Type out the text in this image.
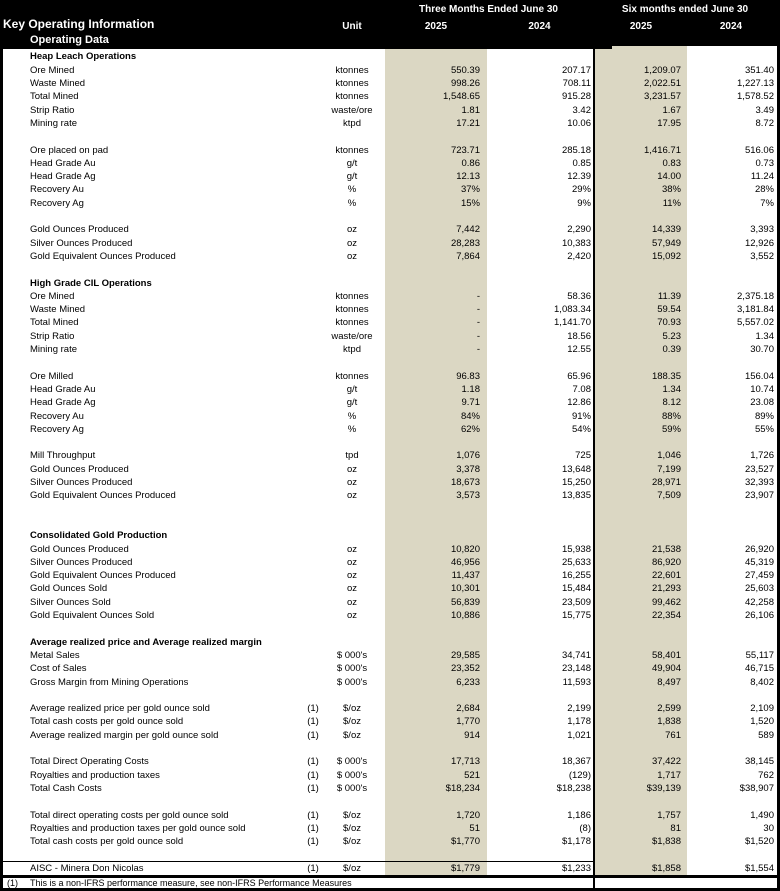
Key Operating Information
Operating Data
Unit
Three Months Ended June 30	Six months ended June 30
2025	2024	2025	2024
Heap Leach Operations
Ore Mined	ktonnes	550.39	207.17	1,209.07	351.40
Waste Mined	ktonnes	998.26	708.11	2,022.51	1,227.13
Total Mined	ktonnes	1,548.65	915.28	3,231.57	1,578.52
Strip Ratio	waste/ore	1.81	3.42	1.67	3.49
Mining rate	ktpd	17.21	10.06	17.95	8.72
Ore placed on pad	ktonnes	723.71	285.18	1,416.71	516.06
Head Grade Au	g/t	0.86	0.85	0.83	0.73
Head Grade Ag	g/t	12.13	12.39	14.00	11.24
Recovery Au	%	37%	29%	38%	28%
Recovery Ag	%	15%	9%	11%	7%
Gold Ounces Produced	oz	7,442	2,290	14,339	3,393
Silver Ounces Produced	oz	28,283	10,383	57,949	12,926
Gold Equivalent Ounces Produced	oz	7,864	2,420	15,092	3,552
High Grade CIL Operations
Ore Mined	ktonnes	-	58.36	11.39	2,375.18
Waste Mined	ktonnes	-	1,083.34	59.54	3,181.84
Total Mined	ktonnes	-	1,141.70	70.93	5,557.02
Strip Ratio	waste/ore	-	18.56	5.23	1.34
Mining rate	ktpd	-	12.55	0.39	30.70
Ore Milled	ktonnes	96.83	65.96	188.35	156.04
Head Grade Au	g/t	1.18	7.08	1.34	10.74
Head Grade Ag	g/t	9.71	12.86	8.12	23.08
Recovery Au	%	84%	91%	88%	89%
Recovery Ag	%	62%	54%	59%	55%
Mill Throughput	tpd	1,076	725	1,046	1,726
Gold Ounces Produced	oz	3,378	13,648	7,199	23,527
Silver Ounces Produced	oz	18,673	15,250	28,971	32,393
Gold Equivalent Ounces Produced	oz	3,573	13,835	7,509	23,907
Consolidated Gold Production
Gold Ounces Produced	oz	10,820	15,938	21,538	26,920
Silver Ounces Produced	oz	46,956	25,633	86,920	45,319
Gold Equivalent Ounces Produced	oz	11,437	16,255	22,601	27,459
Gold Ounces Sold	oz	10,301	15,484	21,293	25,603
Silver Ounces Sold	oz	56,839	23,509	99,462	42,258
Gold Equivalent Ounces Sold	oz	10,886	15,775	22,354	26,106
Average realized price and Average realized margin
Metal Sales	$ 000's	29,585	34,741	58,401	55,117
Cost of Sales	$ 000's	23,352	23,148	49,904	46,715
Gross Margin from Mining Operations	$ 000's	6,233	11,593	8,497	8,402
Average realized price per gold ounce sold	(1)	$/oz	2,684	2,199	2,599	2,109
Total cash costs per gold ounce sold	(1)	$/oz	1,770	1,178	1,838	1,520
Average realized margin per gold ounce sold	(1)	$/oz	914	1,021	761	589
Total Direct Operating Costs	(1)	$ 000's	17,713	18,367	37,422	38,145
Royalties and production taxes	(1)	$ 000's	521	(129)	1,717	762
Total Cash Costs	(1)	$ 000's	$18,234	$18,238	$39,139	$38,907
Total direct operating costs per gold ounce sold	(1)	$/oz	1,720	1,186	1,757	1,490
Royalties and production taxes per gold ounce sold	(1)	$/oz	51	(8)	81	30
Total cash costs per gold ounce sold	(1)	$/oz	$1,770	$1,178	$1,838	$1,520
AISC - Minera Don Nicolas	(1)	$/oz	$1,779	$1,233	$1,858	$1,554
(1) This is a non-IFRS performance measure, see non-IFRS Performance Measures
